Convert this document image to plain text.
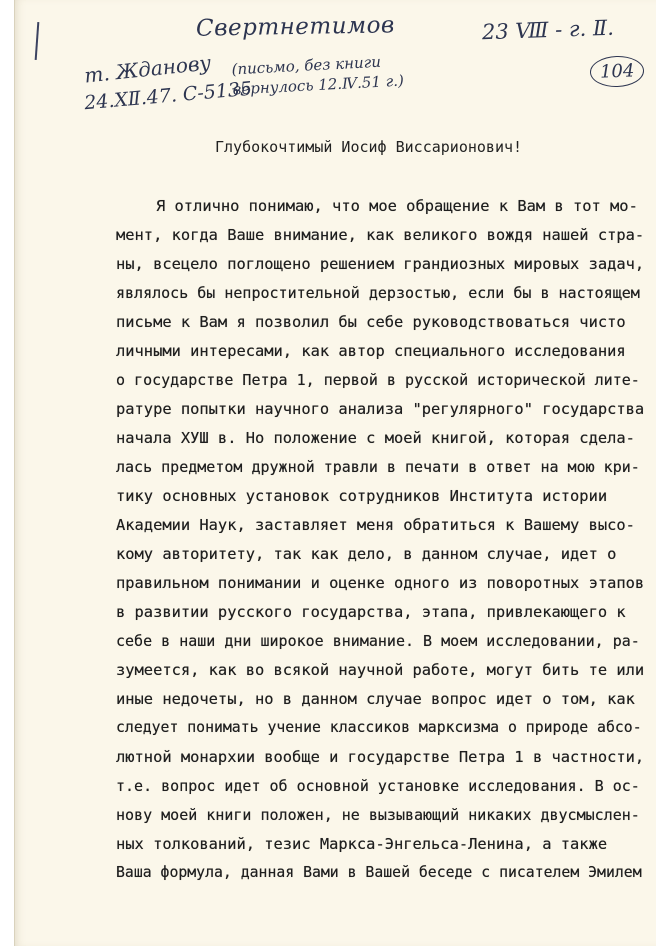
Свертнетимов	23 Ⅷ - г. Ⅱ.
т. Жданову
24.ⅩⅡ.47. С-5135
(письмо, без книги
вернулось 12.Ⅳ.51 г.)
104
Глубокочтимый Иосиф Виссарионович!
Я отлично понимаю, что мое обращение к Вам в тот мо-
мент, когда Ваше внимание, как великого вождя нашей стра-
ны, всецело поглощено решением грандиозных мировых задач,
являлось бы непростительной дерзостью, если бы в настоящем
письме к Вам я позволил бы себе руководствоваться чисто
личными интересами, как автор специального исследования
о государстве Петра 1, первой в русской исторической лите-
ратуре попытки научного анализа "регулярного" государства
начала ХУШ в. Но положение с моей книгой, которая сдела-
лась предметом дружной травли в печати в ответ на мою кри-
тику основных установок сотрудников Института истории
Академии Наук, заставляет меня обратиться к Вашему высо-
кому авторитету, так как дело, в данном случае, идет о
правильном понимании и оценке одного из поворотных этапов
в развитии русского государства, этапа, привлекающего к
себе в наши дни широкое внимание. В моем исследовании, ра-
зумеется, как во всякой научной работе, могут бить те или
иные недочеты, но в данном случае вопрос идет о том, как
следует понимать учение классиков марксизма о природе абсо-
лютной монархии вообще и государстве Петра 1 в частности,
т.е. вопрос идет об основной установке исследования. В ос-
нову моей книги положен, не вызывающий никаких двусмыслен-
ных толкований, тезис Маркса-Энгельса-Ленина, а также
Ваша формула, данная Вами в Вашей беседе с писателем Эмилем
